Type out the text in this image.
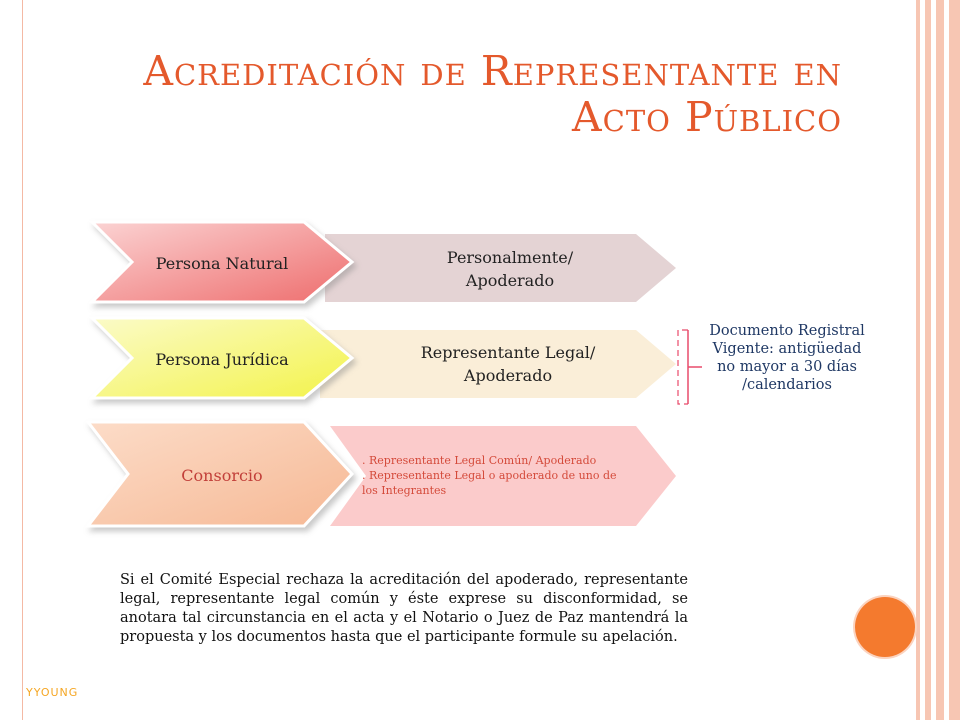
Acreditación de Representante en
Acto Público
Persona Natural	Personalmente/ Apoderado
Persona Jurídica	Representante Legal/ Apoderado
Consorcio
. Representante Legal Común/ Apoderado
. Representante Legal o apoderado de uno de
los Integrantes
Documento Registral Vigente: antigüedad no mayor a 30 días /calendarios

Si el Comité Especial rechaza la acreditación del apoderado, representante legal, representante legal común y éste exprese su disconformidad, se anotara tal circunstancia en el acta y el Notario o Juez de Paz mantendrá la propuesta y los documentos hasta que el participante formule su apelación.

YYOUNG
